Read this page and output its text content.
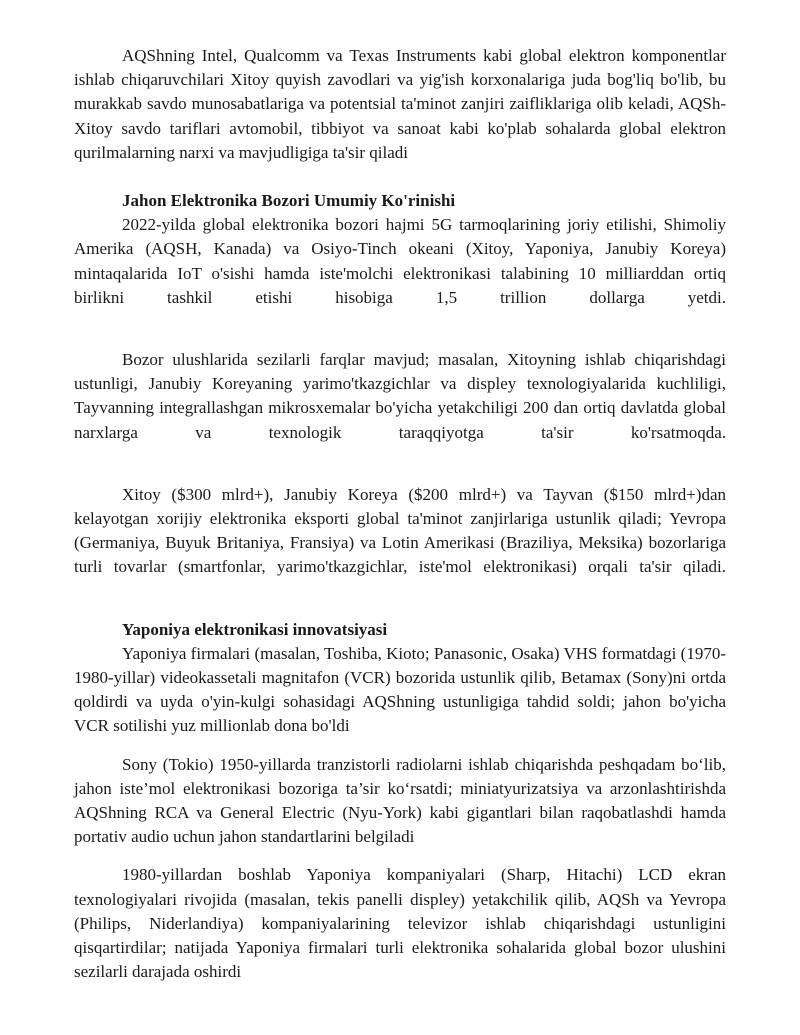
AQShning Intel, Qualcomm va Texas Instruments kabi global elektron komponentlar ishlab chiqaruvchilari Xitoy quyish zavodlari va yig'ish korxonalariga juda bog'liq bo'lib, bu murakkab savdo munosabatlariga va potentsial ta'minot zanjiri zaifliklariga olib keladi, AQSh-Xitoy savdo tariflari avtomobil, tibbiyot va sanoat kabi ko'plab sohalarda global elektron qurilmalarning narxi va mavjudligiga ta'sir qiladi

Jahon Elektronika Bozori Umumiy Ko'rinishi

2022-yilda global elektronika bozori hajmi 5G tarmoqlarining joriy etilishi, Shimoliy Amerika (AQSH, Kanada) va Osiyo-Tinch okeani (Xitoy, Yaponiya, Janubiy Koreya) mintaqalarida IoT o'sishi hamda iste'molchi elektronikasi talabining 10 milliarddan ortiq birlikni tashkil etishi hisobiga 1,5 trillion dollarga yetdi.

Bozor ulushlarida sezilarli farqlar mavjud; masalan, Xitoyning ishlab chiqarishdagi ustunligi, Janubiy Koreyaning yarimo'tkazgichlar va displey texnologiyalarida kuchliligi, Tayvanning integrallashgan mikrosxemalar bo'yicha yetakchiligi 200 dan ortiq davlatda global narxlarga va texnologik taraqqiyotga ta'sir ko'rsatmoqda.

Xitoy ($300 mlrd+), Janubiy Koreya ($200 mlrd+) va Tayvan ($150 mlrd+)dan kelayotgan xorijiy elektronika eksporti global ta'minot zanjirlariga ustunlik qiladi; Yevropa (Germaniya, Buyuk Britaniya, Fransiya) va Lotin Amerikasi (Braziliya, Meksika) bozorlariga turli tovarlar (smartfonlar, yarimo'tkazgichlar, iste'mol elektronikasi) orqali ta'sir qiladi.

Yaponiya elektronikasi innovatsiyasi

Yaponiya firmalari (masalan, Toshiba, Kioto; Panasonic, Osaka) VHS formatdagi (1970-1980-yillar) videokassetali magnitafon (VCR) bozorida ustunlik qilib, Betamax (Sony)ni ortda qoldirdi va uyda o'yin-kulgi sohasidagi AQShning ustunligiga tahdid soldi; jahon bo'yicha VCR sotilishi yuz millionlab dona bo'ldi

Sony (Tokio) 1950-yillarda tranzistorli radiolarni ishlab chiqarishda peshqadam bo‘lib, jahon iste’mol elektronikasi bozoriga ta’sir ko‘rsatdi; miniatyurizatsiya va arzonlashtirishda AQShning RCA va General Electric (Nyu-York) kabi gigantlari bilan raqobatlashdi hamda portativ audio uchun jahon standartlarini belgiladi

1980-yillardan boshlab Yaponiya kompaniyalari (Sharp, Hitachi) LCD ekran texnologiyalari rivojida (masalan, tekis panelli displey) yetakchilik qilib, AQSh va Yevropa (Philips, Niderlandiya) kompaniyalarining televizor ishlab chiqarishdagi ustunligini qisqartirdilar; natijada Yaponiya firmalari turli elektronika sohalarida global bozor ulushini sezilarli darajada oshirdi
